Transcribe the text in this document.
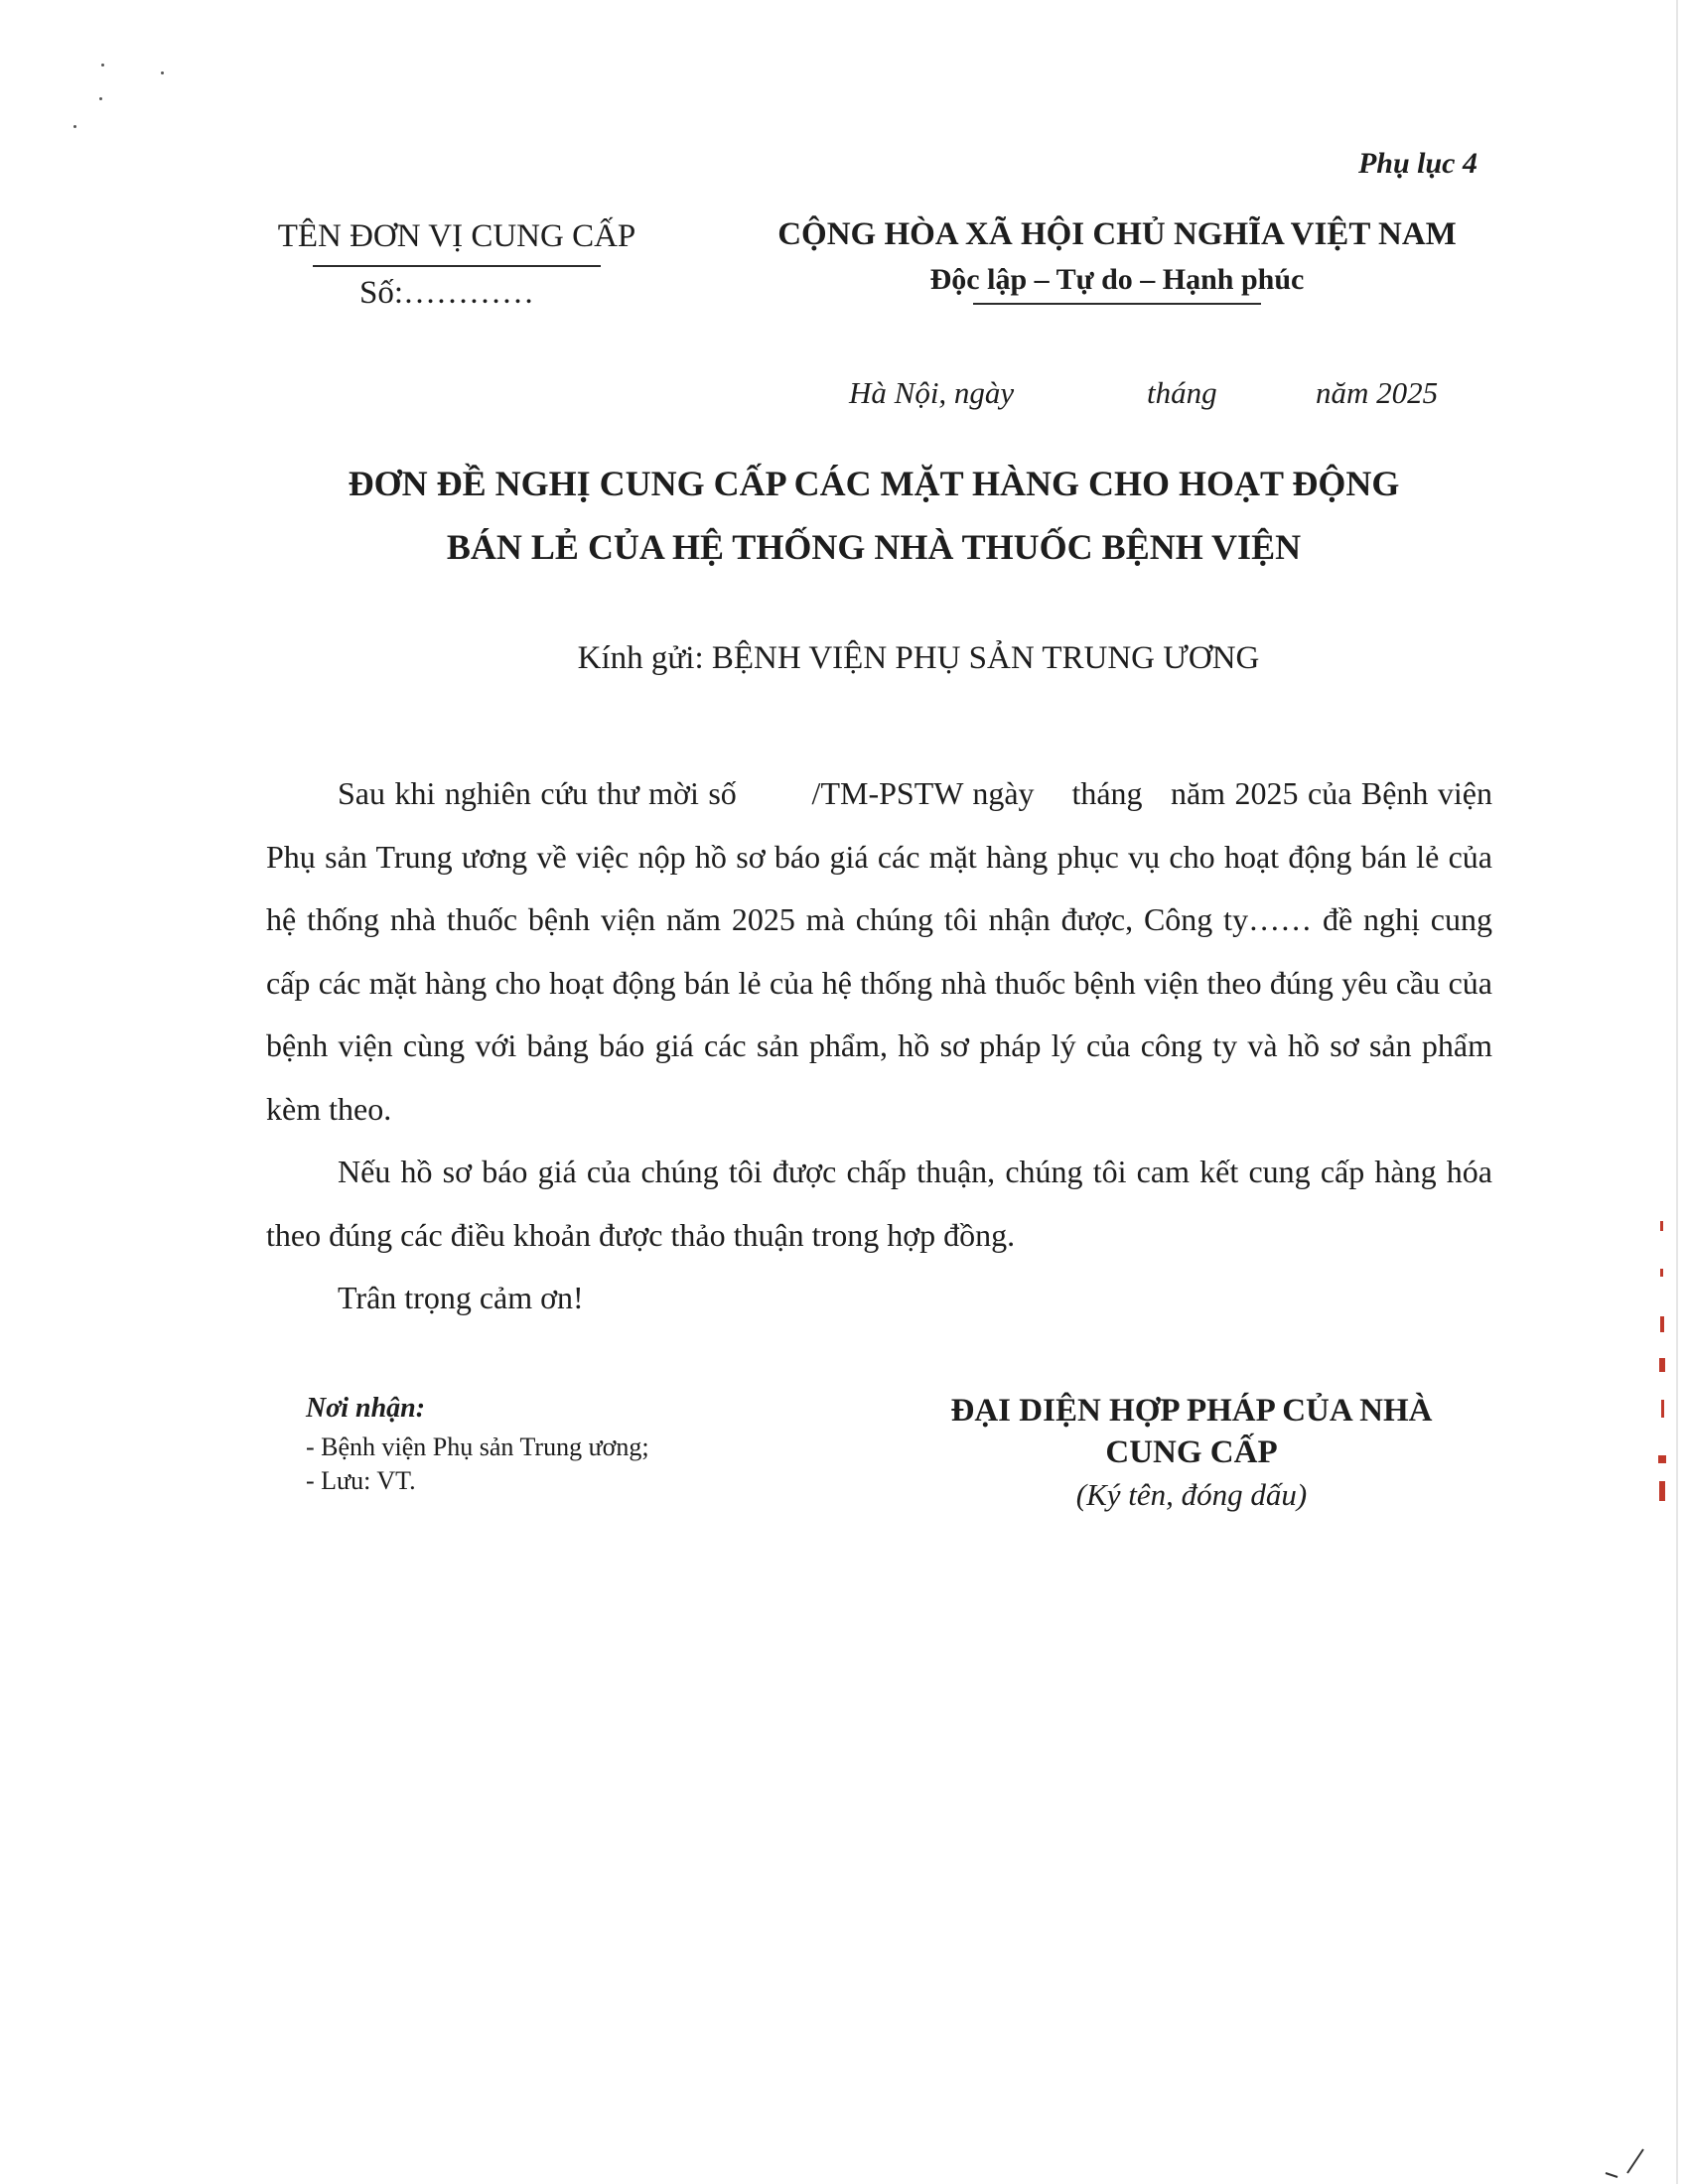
Phụ lục 4
TÊN ĐƠN VỊ CUNG CẤP
Số:…………
CỘNG HÒA XÃ HỘI CHỦ NGHĨA VIỆT NAM
Độc lập – Tự do – Hạnh phúc
Hà Nội, ngày	tháng	năm 2025
ĐƠN ĐỀ NGHỊ CUNG CẤP CÁC MẶT HÀNG CHO HOẠT ĐỘNG
BÁN LẺ CỦA HỆ THỐNG NHÀ THUỐC BỆNH VIỆN
Kính gửi: BỆNH VIỆN PHỤ SẢN TRUNG ƯƠNG

Sau khi nghiên cứu thư mời số        /TM-PSTW ngày    tháng   năm 2025 của Bệnh viện Phụ sản Trung ương về việc nộp hồ sơ báo giá các mặt hàng phục vụ cho hoạt động bán lẻ của hệ thống nhà thuốc bệnh viện năm 2025 mà chúng tôi nhận được, Công ty…… đề nghị cung cấp các mặt hàng cho hoạt động bán lẻ của hệ thống nhà thuốc bệnh viện theo đúng yêu cầu của bệnh viện cùng với bảng báo giá các sản phẩm, hồ sơ pháp lý của công ty và hồ sơ sản phẩm kèm theo.

Nếu hồ sơ báo giá của chúng tôi được chấp thuận, chúng tôi cam kết cung cấp hàng hóa theo đúng các điều khoản được thảo thuận trong hợp đồng.

Trân trọng cảm ơn!

Nơi nhận:
- Bệnh viện Phụ sản Trung ương;
- Lưu: VT.
ĐẠI DIỆN HỢP PHÁP CỦA NHÀ
CUNG CẤP
(Ký tên, đóng dấu)
